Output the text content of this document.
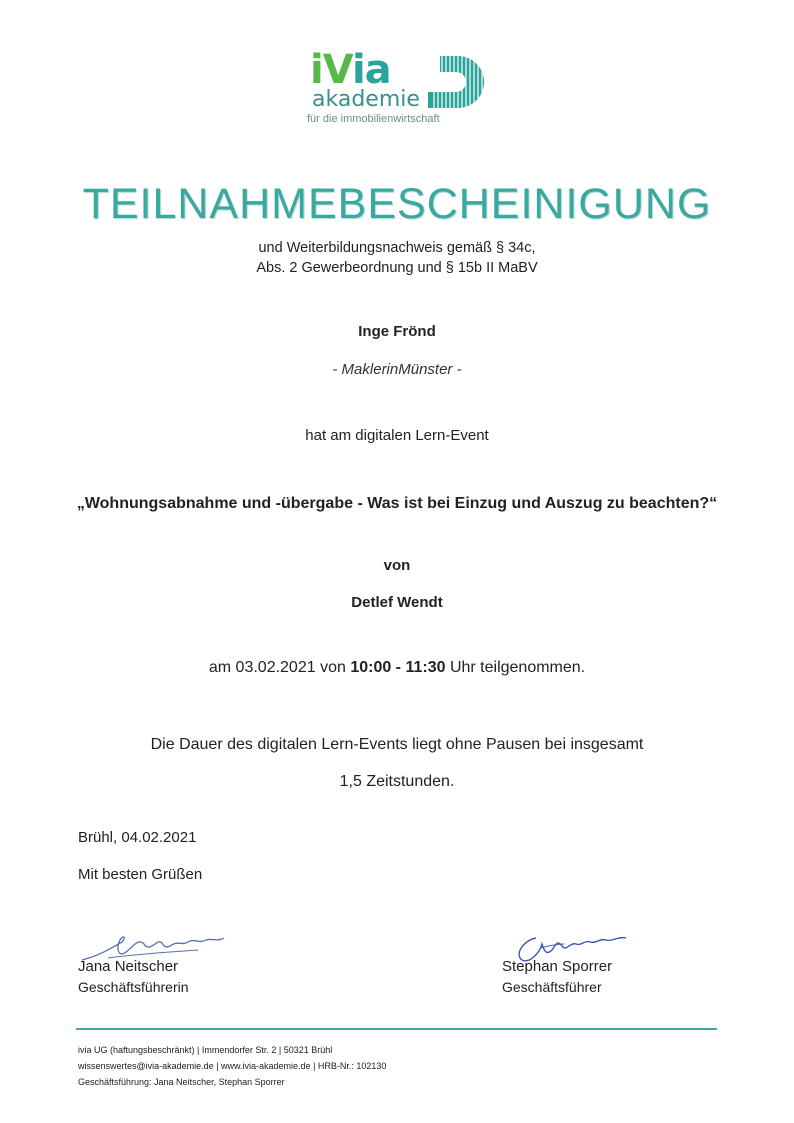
iVia
akademie
für die immobilienwirtschaft
TEILNAHMEBESCHEINIGUNG
und Weiterbildungsnachweis gemäß § 34c,
Abs. 2 Gewerbeordnung und § 15b II MaBV
Inge Frönd
- MaklerinMünster -
hat am digitalen Lern-Event
„Wohnungsabnahme und -übergabe - Was ist bei Einzug und Auszug zu beachten?“
von
Detlef Wendt
am 03.02.2021 von 10:00 - 11:30 Uhr teilgenommen.
Die Dauer des digitalen Lern-Events liegt ohne Pausen bei insgesamt
1,5 Zeitstunden.
Brühl, 04.02.2021
Mit besten Grüßen
Jana Neitscher
Geschäftsführerin
Stephan Sporrer
Geschäftsführer
ivia UG (haftungsbeschränkt) | Immendorfer Str. 2 | 50321 Brühl
wissenswertes@ivia-akademie.de | www.ivia-akademie.de | HRB-Nr.: 102130
Geschäftsführung: Jana Neitscher, Stephan Sporrer
